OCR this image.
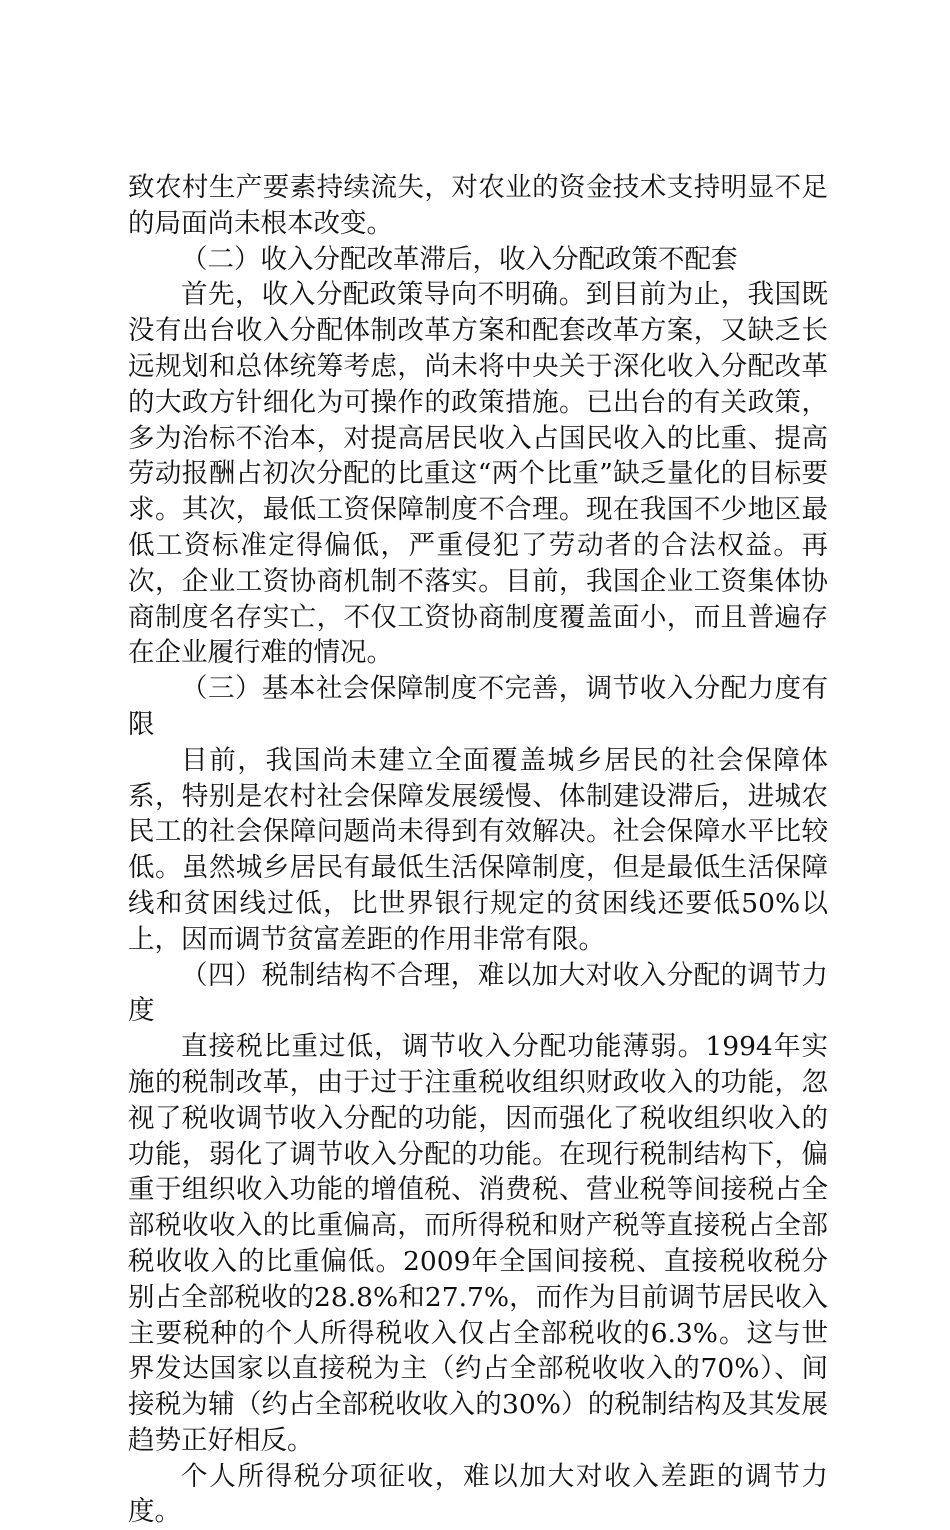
致农村生产要素持续流失，对农业的资金技术支持明显不足的局面尚未根本改变。

（二）收入分配改革滞后，收入分配政策不配套

首先，收入分配政策导向不明确。到目前为止，我国既没有出台收入分配体制改革方案和配套改革方案，又缺乏长远规划和总体统筹考虑，尚未将中央关于深化收入分配改革的大政方针细化为可操作的政策措施。已出台的有关政策，多为治标不治本，对提高居民收入占国民收入的比重、提高劳动报酬占初次分配的比重这“两个比重”缺乏量化的目标要求。其次，最低工资保障制度不合理。现在我国不少地区最低工资标准定得偏低，严重侵犯了劳动者的合法权益。再次，企业工资协商机制不落实。目前，我国企业工资集体协商制度名存实亡，不仅工资协商制度覆盖面小，而且普遍存在企业履行难的情况。

（三）基本社会保障制度不完善，调节收入分配力度有限

目前，我国尚未建立全面覆盖城乡居民的社会保障体系，特别是农村社会保障发展缓慢、体制建设滞后，进城农民工的社会保障问题尚未得到有效解决。社会保障水平比较低。虽然城乡居民有最低生活保障制度，但是最低生活保障线和贫困线过低，比世界银行规定的贫困线还要低50%以上，因而调节贫富差距的作用非常有限。

（四）税制结构不合理，难以加大对收入分配的调节力度

直接税比重过低，调节收入分配功能薄弱。1994年实施的税制改革，由于过于注重税收组织财政收入的功能，忽视了税收调节收入分配的功能，因而强化了税收组织收入的功能，弱化了调节收入分配的功能。在现行税制结构下，偏重于组织收入功能的增值税、消费税、营业税等间接税占全部税收收入的比重偏高，而所得税和财产税等直接税占全部税收收入的比重偏低。2009年全国间接税、直接税收税分别占全部税收的28.8%和27.7%，而作为目前调节居民收入主要税种的个人所得税收入仅占全部税收的6.3%。这与世界发达国家以直接税为主（约占全部税收收入的70%）、间接税为辅（约占全部税收收入的30%）的税制结构及其发展趋势正好相反。

个人所得税分项征收，难以加大对收入差距的调节力度。
